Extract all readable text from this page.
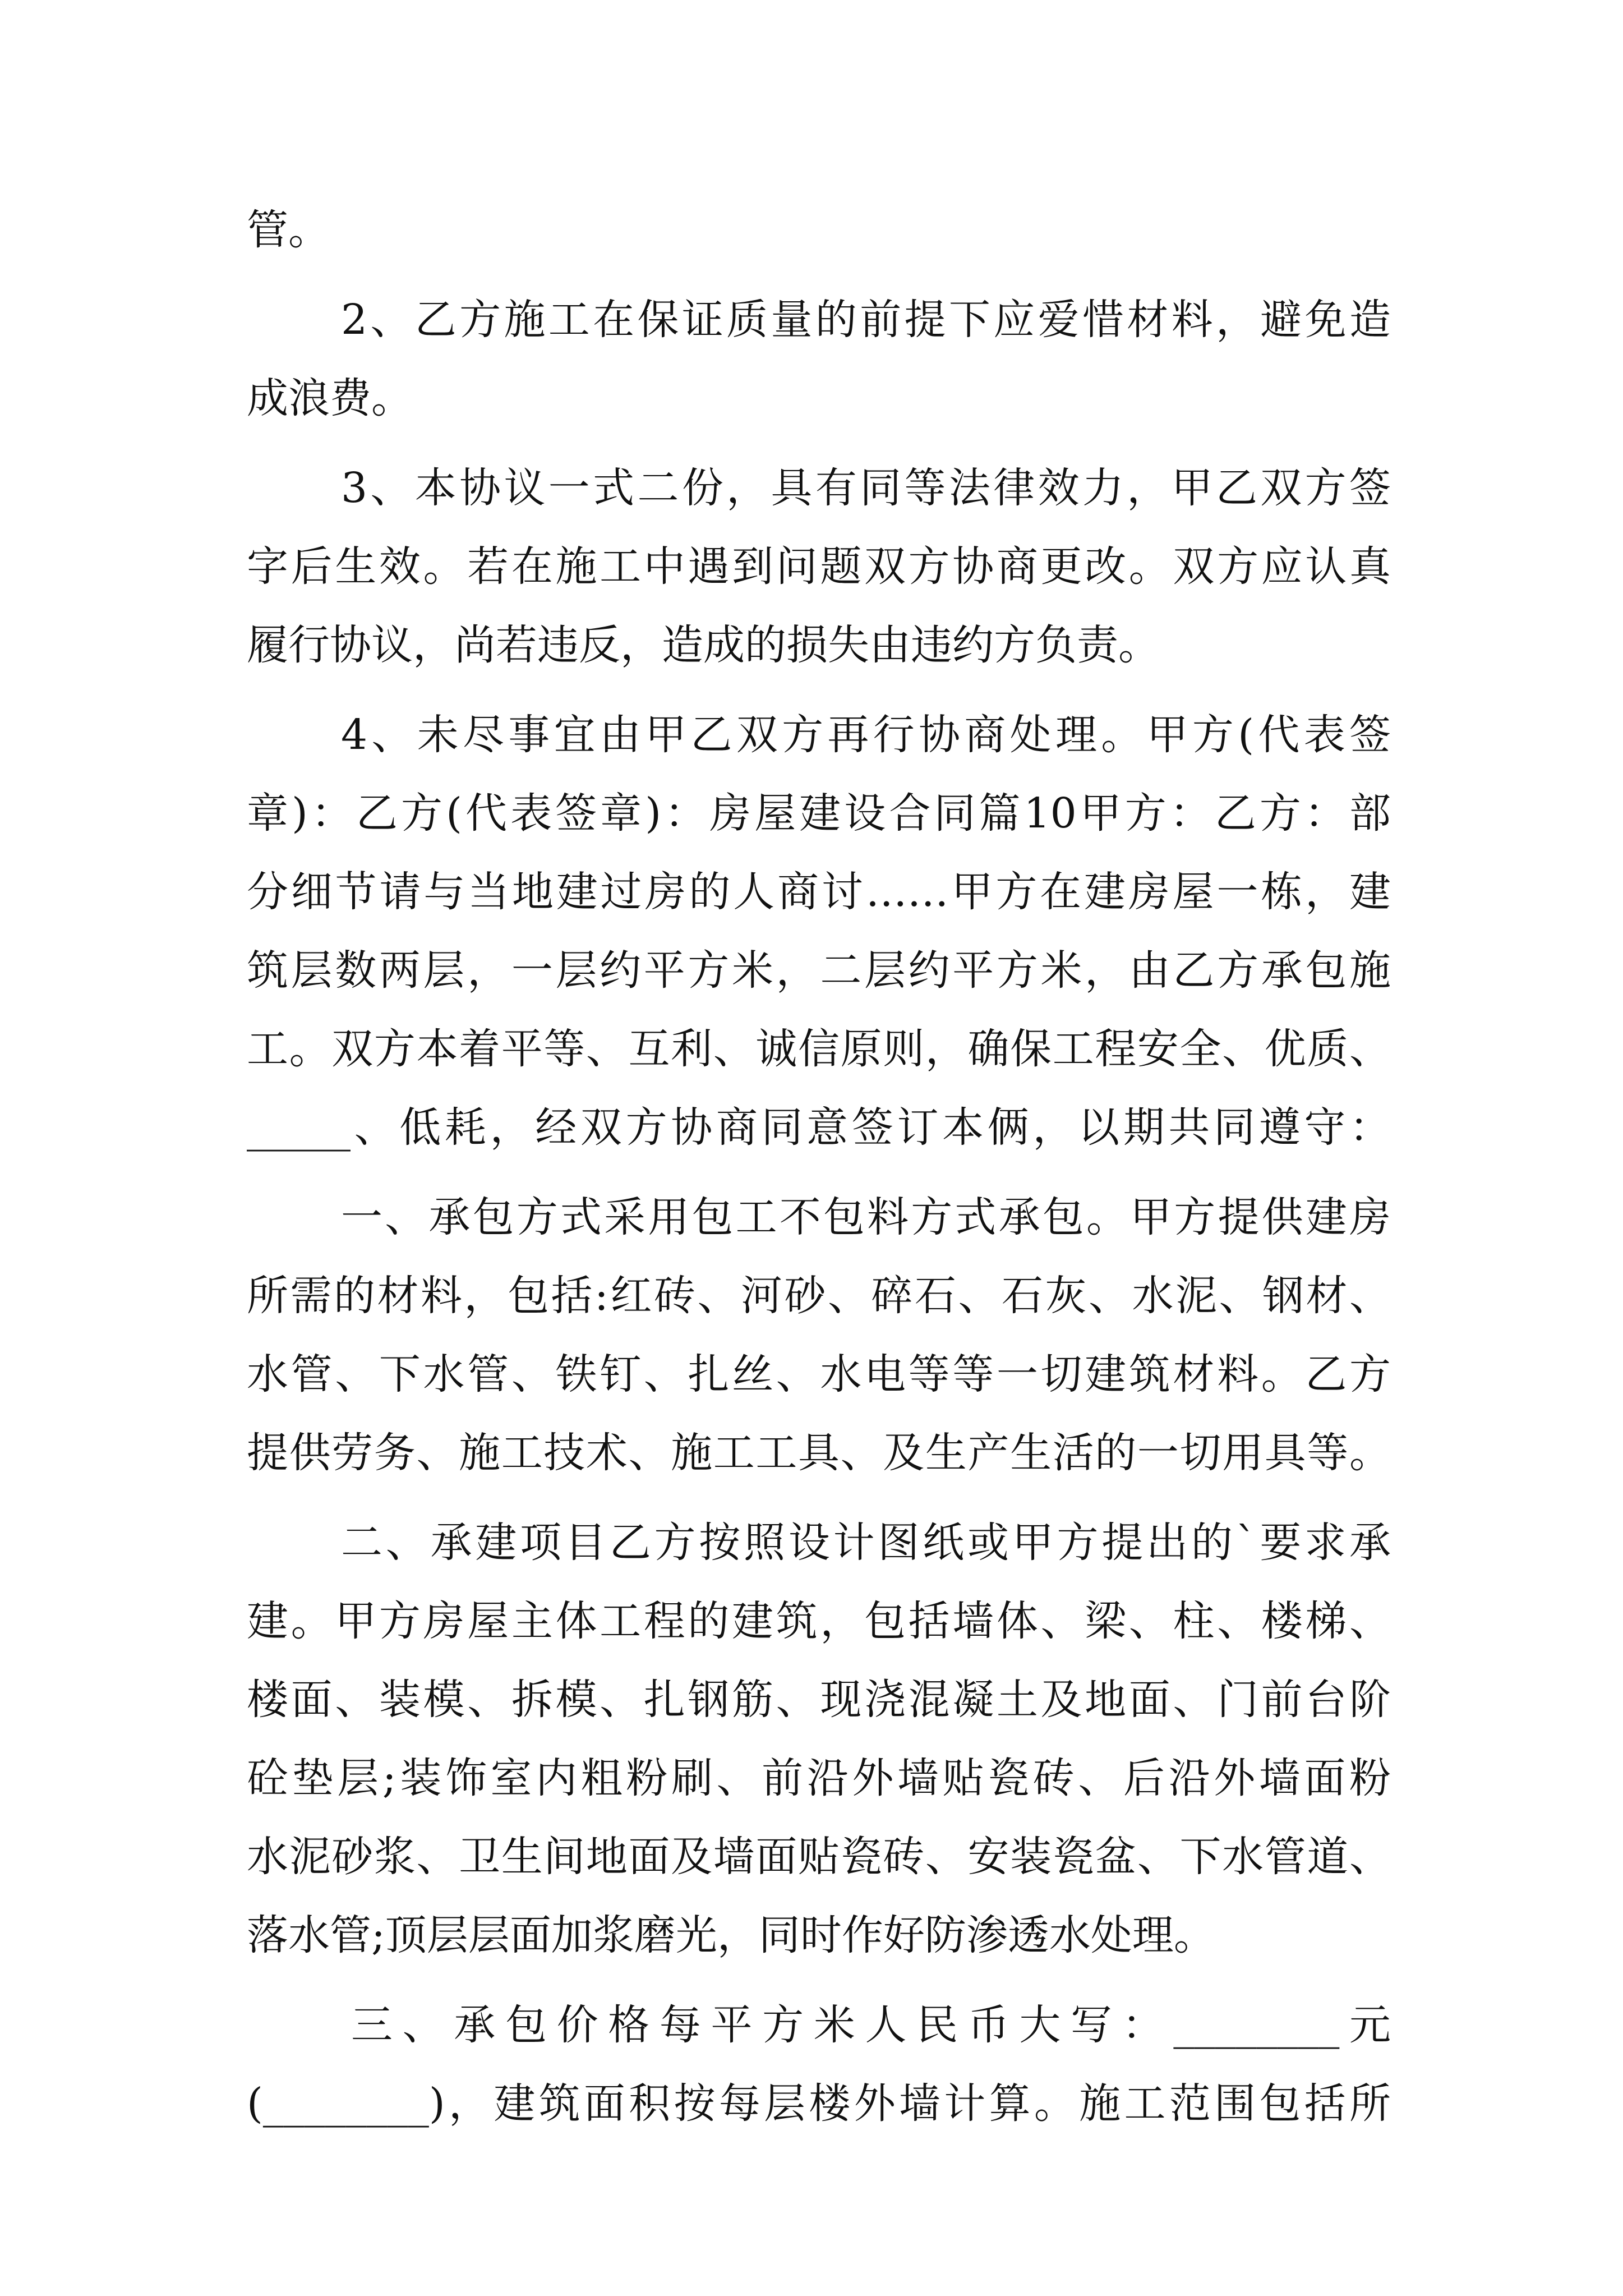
管。
2、乙方施工在保证质量的前提下应爱惜材料，避免造
成浪费。
3、本协议一式二份，具有同等法律效力，甲乙双方签
字后生效。若在施工中遇到问题双方协商更改。双方应认真
履行协议，尚若违反，造成的损失由违约方负责。
4、未尽事宜由甲乙双方再行协商处理。甲方(代表签
章)：乙方(代表签章)：房屋建设合同篇10甲方：乙方：部
分细节请与当地建过房的人商讨……甲方在建房屋一栋，建
筑层数两层，一层约平方米，二层约平方米，由乙方承包施
工。双方本着平等、互利、诚信原则，确保工程安全、优质、
_____、低耗，经双方协商同意签订本俩，以期共同遵守：
一、承包方式采用包工不包料方式承包。甲方提供建房
所需的材料，包括:红砖、河砂、碎石、石灰、水泥、钢材、
水管、下水管、铁钉、扎丝、水电等等一切建筑材料。乙方
提供劳务、施工技术、施工工具、及生产生活的一切用具等。
二、承建项目乙方按照设计图纸或甲方提出的`要求承
建。甲方房屋主体工程的建筑，包括墙体、梁、柱、楼梯、
楼面、装模、拆模、扎钢筋、现浇混凝土及地面、门前台阶
砼垫层;装饰室内粗粉刷、前沿外墙贴瓷砖、后沿外墙面粉
水泥砂浆、卫生间地面及墙面贴瓷砖、安装瓷盆、下水管道、
落水管;顶层层面加浆磨光，同时作好防渗透水处理。
三、承包价格每平方米人民币大写：________元
(________)，建筑面积按每层楼外墙计算。施工范围包括所
